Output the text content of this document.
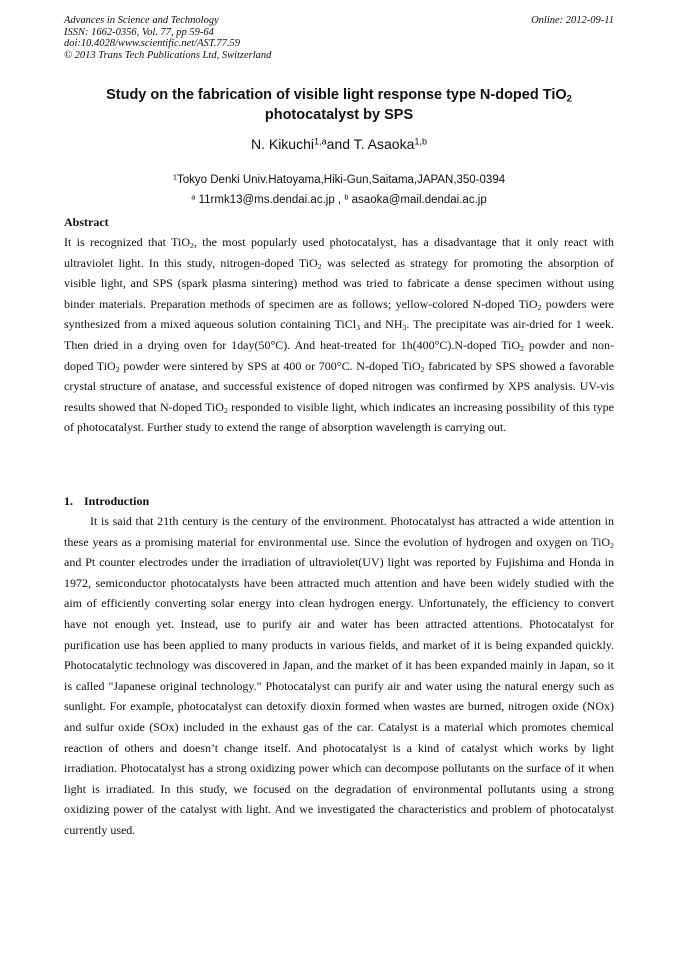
Advances in Science and Technology
ISSN: 1662-0356, Vol. 77, pp 59-64
doi:10.4028/www.scientific.net/AST.77.59
© 2013 Trans Tech Publications Ltd, Switzerland
Online: 2012-09-11
Study on the fabrication of visible light response type N-doped TiO$_2$
photocatalyst by SPS
N. Kikuchi$^{1,a}$and T. Asaoka$^{1,b}$
$^1$Tokyo Denki Univ.Hatoyama,Hiki-Gun,Saitama,JAPAN,350-0394
$^a$ 11rmk13@ms.dendai.ac.jp , $^b$ asaoka@mail.dendai.ac.jp
Abstract

It is recognized that TiO$_2$, the most popularly used photocatalyst, has a disadvantage that it only react with ultraviolet light. In this study, nitrogen-doped TiO$_2$ was selected as strategy for promoting the absorption of visible light, and SPS (spark plasma sintering) method was tried to fabricate a dense specimen without using binder materials. Preparation methods of specimen are as follows; yellow-colored N-doped TiO$_2$ powders were synthesized from a mixed aqueous solution containing TiCl$_3$ and $NH_3$. The precipitate was air-dried for 1 week. Then dried in a drying oven for 1day(50°C). And heat-treated for 1h(400°C).N-doped TiO$_2$ powder and non-doped TiO$_2$ powder were sintered by SPS at 400 or 700°C. N-doped TiO$_2$ fabricated by SPS showed a favorable crystal structure of anatase, and successful existence of doped nitrogen was confirmed by XPS analysis. UV-vis results showed that N-doped TiO$_2$ responded to visible light, which indicates an increasing possibility of this type of photocatalyst. Further study to extend the range of absorption wavelength is carrying out.

1. Introduction

It is said that 21th century is the century of the environment. Photocatalyst has attracted a wide attention in these years as a promising material for environmental use. Since the evolution of hydrogen and oxygen on TiO$_2$ and Pt counter electrodes under the irradiation of ultraviolet(UV) light was reported by Fujishima and Honda in 1972, semiconductor photocatalysts have been attracted much attention and have been widely studied with the aim of efficiently converting solar energy into clean hydrogen energy. Unfortunately, the efficiency to convert have not enough yet. Instead, use to purify air and water has been attracted attentions. Photocatalyst for purification use has been applied to many products in various fields, and market of it is being expanded quickly. Photocatalytic technology was discovered in Japan, and the market of it has been expanded mainly in Japan, so it is called "Japanese original technology." Photocatalyst can purify air and water using the natural energy such as sunlight. For example, photocatalyst can detoxify dioxin formed when wastes are burned, nitrogen oxide (NOx) and sulfur oxide (SOx) included in the exhaust gas of the car. Catalyst is a material which promotes chemical reaction of others and doesn’t change itself. And photocatalyst is a kind of catalyst which works by light irradiation. Photocatalyst has a strong oxidizing power which can decompose pollutants on the surface of it when light is irradiated. In this study, we focused on the degradation of environmental pollutants using a strong oxidizing power of the catalyst with light. And we investigated the characteristics and problem of photocatalyst currently used.
